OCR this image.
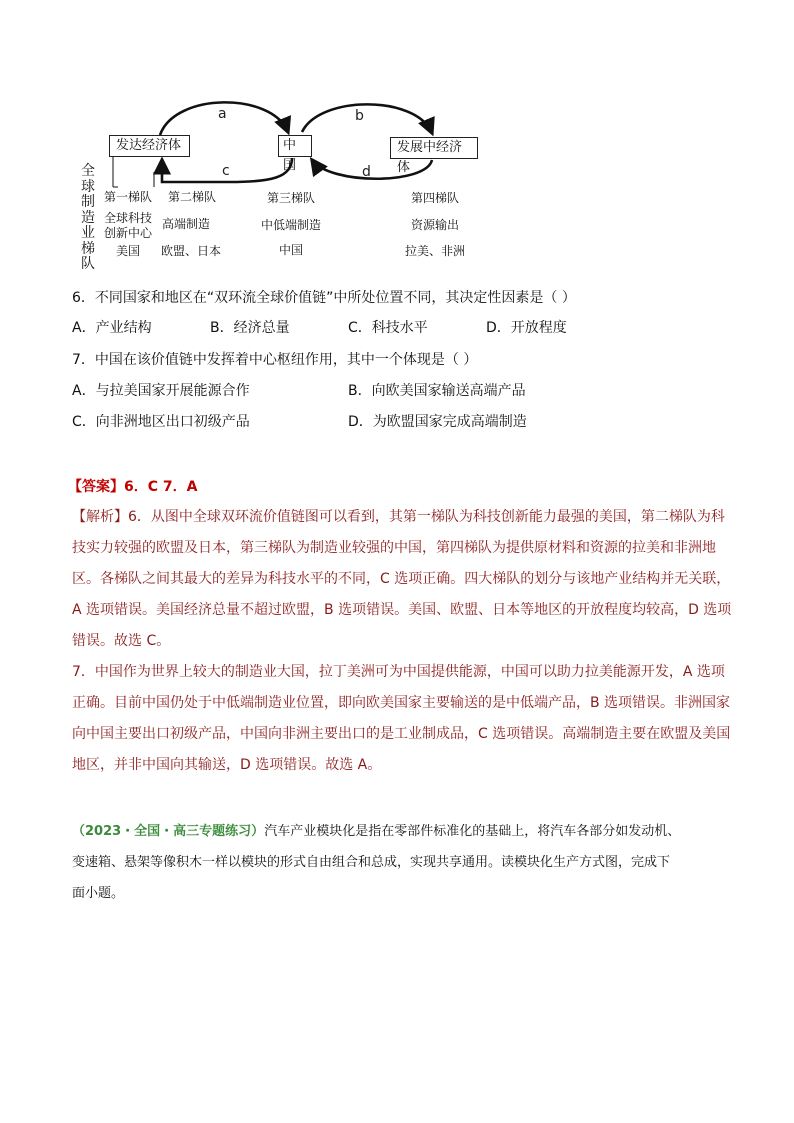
发达经济体	中国
发展中经济体
a	b
c	d
全
球
制
造
业
梯
队
第一梯队
全球科技
创新中心
美国
第二梯队
高端制造
欧盟、日本
第三梯队
中低端制造
中国
第四梯队
资源输出
拉美、非洲
6．不同国家和地区在“双环流全球价值链”中所处位置不同，其决定性因素是（ ）
A．产业结构	B．经济总量	C．科技水平	D．开放程度
7．中国在该价值链中发挥着中心枢纽作用，其中一个体现是（ ）
A．与拉美国家开展能源合作	B．向欧美国家输送高端产品
C．向非洲地区出口初级产品	D．为欧盟国家完成高端制造
【答案】6．C 7．A
【解析】6．从图中全球双环流价值链图可以看到，其第一梯队为科技创新能力最强的美国，第二梯队为科
技实力较强的欧盟及日本，第三梯队为制造业较强的中国，第四梯队为提供原材料和资源的拉美和非洲地
区。各梯队之间其最大的差异为科技水平的不同，C 选项正确。四大梯队的划分与该地产业结构并无关联，
A 选项错误。美国经济总量不超过欧盟，B 选项错误。美国、欧盟、日本等地区的开放程度均较高，D 选项
错误。故选 C。
7．中国作为世界上较大的制造业大国，拉丁美洲可为中国提供能源，中国可以助力拉美能源开发，A 选项
正确。目前中国仍处于中低端制造业位置，即向欧美国家主要输送的是中低端产品，B 选项错误。非洲国家
向中国主要出口初级产品，中国向非洲主要出口的是工业制成品，C 选项错误。高端制造主要在欧盟及美国
地区，并非中国向其输送，D 选项错误。故选 A。
（2023・全国・高三专题练习）汽车产业模块化是指在零部件标准化的基础上，将汽车各部分如发动机、
变速箱、悬架等像积木一样以模块的形式自由组合和总成，实现共享通用。读模块化生产方式图，完成下
面小题。
